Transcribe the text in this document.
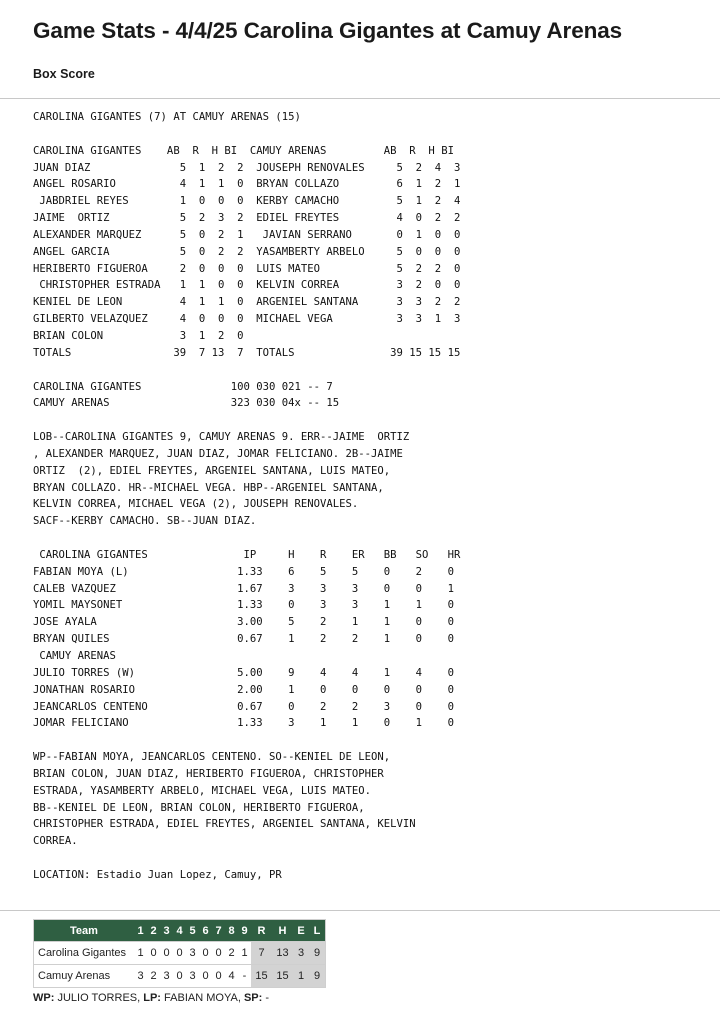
Game Stats - 4/4/25 Carolina Gigantes at Camuy Arenas
Box Score
CAROLINA GIGANTES (7) AT CAMUY ARENAS (15)

CAROLINA GIGANTES    AB  R  H BI  CAMUY ARENAS         AB  R  H BI
JUAN DIAZ              5  1  2  2  JOUSEPH RENOVALES     5  2  4  3
ANGEL ROSARIO          4  1  1  0  BRYAN COLLAZO         6  1  2  1
JABDRIEL REYES        1  0  0  0  KERBY CAMACHO         5  1  2  4
JAIME  ORTIZ           5  2  3  2  EDIEL FREYTES         4  0  2  2
ALEXANDER MARQUEZ      5  0  2  1   JAVIAN SERRANO       0  1  0  0
ANGEL GARCIA           5  0  2  2  YASAMBERTY ARBELO     5  0  0  0
HERIBERTO FIGUEROA     2  0  0  0  LUIS MATEO            5  2  2  0
CHRISTOPHER ESTRADA   1  1  0  0  KELVIN CORREA         3  2  0  0
KENIEL DE LEON         4  1  1  0  ARGENIEL SANTANA      3  3  2  2
GILBERTO VELAZQUEZ     4  0  0  0  MICHAEL VEGA          3  3  1  3
BRIAN COLON            3  1  2  0
TOTALS                39  7 13  7  TOTALS               39 15 15 15

CAROLINA GIGANTES              100 030 021 -- 7
CAMUY ARENAS                   323 030 04x -- 15

LOB--CAROLINA GIGANTES 9, CAMUY ARENAS 9. ERR--JAIME  ORTIZ
, ALEXANDER MARQUEZ, JUAN DIAZ, JOMAR FELICIANO. 2B--JAIME
ORTIZ  (2), EDIEL FREYTES, ARGENIEL SANTANA, LUIS MATEO,
BRYAN COLLAZO. HR--MICHAEL VEGA. HBP--ARGENIEL SANTANA,
KELVIN CORREA, MICHAEL VEGA (2), JOUSEPH RENOVALES.
SACF--KERBY CAMACHO. SB--JUAN DIAZ.

CAROLINA GIGANTES               IP     H    R    ER   BB   SO   HR
FABIAN MOYA (L)                 1.33    6    5    5    0    2    0
CALEB VAZQUEZ                   1.67    3    3    3    0    0    1
YOMIL MAYSONET                  1.33    0    3    3    1    1    0
JOSE AYALA                      3.00    5    2    1    1    0    0
BRYAN QUILES                    0.67    1    2    2    1    0    0
CAMUY ARENAS
JULIO TORRES (W)                5.00    9    4    4    1    4    0
JONATHAN ROSARIO                2.00    1    0    0    0    0    0
JEANCARLOS CENTENO              0.67    0    2    2    3    0    0
JOMAR FELICIANO                 1.33    3    1    1    0    1    0

WP--FABIAN MOYA, JEANCARLOS CENTENO. SO--KENIEL DE LEON,
BRIAN COLON, JUAN DIAZ, HERIBERTO FIGUEROA, CHRISTOPHER
ESTRADA, YASAMBERTY ARBELO, MICHAEL VEGA, LUIS MATEO.
BB--KENIEL DE LEON, BRIAN COLON, HERIBERTO FIGUEROA,
CHRISTOPHER ESTRADA, EDIEL FREYTES, ARGENIEL SANTANA, KELVIN
CORREA.

LOCATION: Estadio Juan Lopez, Camuy, PR
Team	1	2	3	4	5	6	7	8	9	R	H	E	L
Carolina Gigantes	1	0	0	0	3	0	0	2	1	7	13	3	9
Camuy Arenas	3	2	3	0	3	0	0	4	-	15	15	1	9
WP: JULIO TORRES, LP: FABIAN MOYA, SP: -
